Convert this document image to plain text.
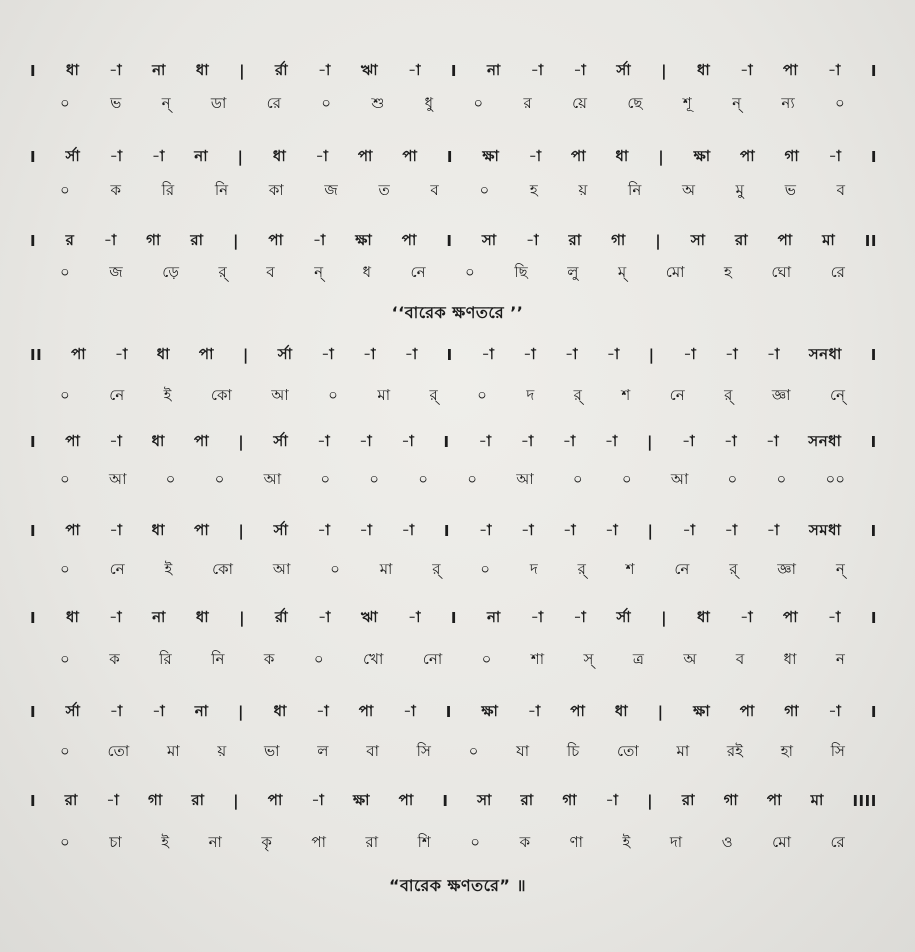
I ধা -া না ধা | র্রা -া ঋা -া I না -া -া র্সা | ধা -া পা -া I
০	ভ	ন্	ডা	রে	০	শু	ধু	০	র	য়ে	ছে	শূ	ন্	ন্য	০
I র্সা -া -া না | ধা -া পা পা I ক্ষা -া পা ধা | ক্ষা পা গা -া I
০	ক	রি	নি	কা	জ	ত	ব	০	হ	য়	নি	অ	মু	ভ	ব
I র -া গা রা | পা -া ক্ষা পা I সা -া রা গা | সা রা পা মা II
০	জ	ড়ে	র্	ব	ন্	ধ	নে	০	ছি	লু	ম্	মো	হ	ঘো	রে
‘‘বারেক ক্ষণতরে ’’
II পা -া ধা পা | র্সা -া -া -া I -া -া -া -া | -া -া -া সনধা I
০	নে	ই	কো	আ	০	মা	র্	০	দ	র্	শ	নে	র্	জ্ঞা	নে্
I পা -া ধা পা | র্সা -া -া -া I -া -া -া -া | -া -া -া সনধা I
০	আ	০	০	আ	০	০	০	০	আ	০	০	আ	০	০	০০
I পা -া ধা পা | র্সা -া -া -া I -া -া -া -া | -া -া -া সমধা I
০	নে	ই	কো	আ	০	মা	র্	০	দ	র্	শ	নে	র্	জ্ঞা	ন্
I ধা -া না ধা | র্রা -া ঋা -া I না -া -া র্সা | ধা -া পা -া I
০	ক	রি	নি	ক	০	খো	নো	০	শা	স্	ত্র	অ	ব	ধা	ন
I র্সা -া -া না | ধা -া পা -া I ক্ষা -া পা ধা | ক্ষা পা গা -া I
০	তো	মা	য়	ভা	ল	বা	সি	০	যা	চি	তো	মা	রই	হা	সি
I রা -া গা রা | পা -া ক্ষা পা I সা রা গা -া | রা গা পা মা IIII
০	চা	ই	না	কৃ	পা	রা	শি	০	ক	ণা	ই	দা	ও	মো	রে
“বারেক ক্ষণতরে” ॥
